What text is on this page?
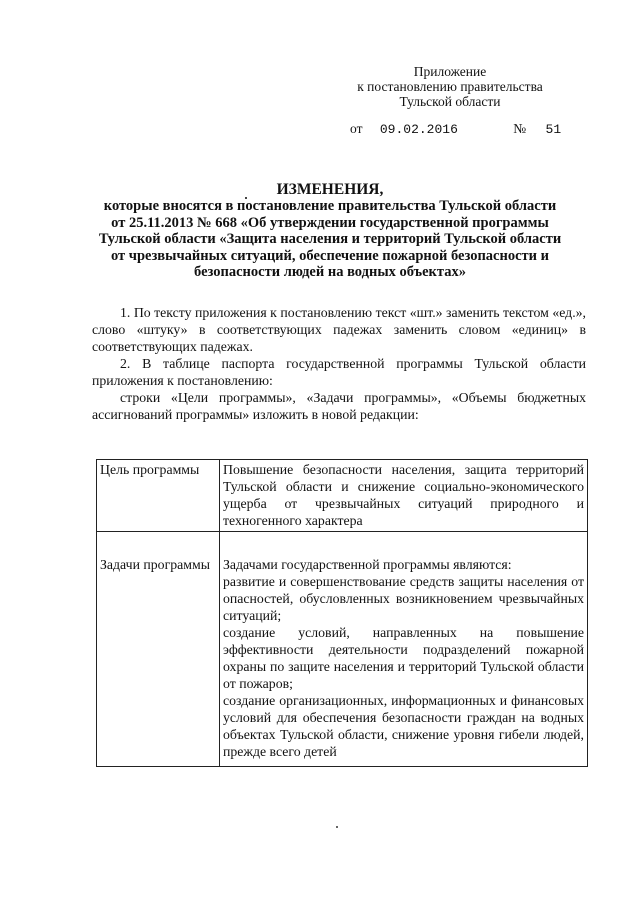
Приложение
к постановлению правительства
Тульской области
от 09.02.2016	№ 51
ИЗМЕНЕНИЯ,
которые вносятся в постановление правительства Тульской области
от 25.11.2013 № 668 «Об утверждении государственной программы
Тульской области «Защита населения и территорий Тульской области
от чрезвычайных ситуаций, обеспечение пожарной безопасности и
безопасности людей на водных объектах»

1. По тексту приложения к постановлению текст «шт.» заменить текстом «ед.», слово «штуку» в соответствующих падежах заменить словом «единиц» в соответствующих падежах.

2. В таблице паспорта государственной программы Тульской области приложения к постановлению:

строки «Цели программы», «Задачи программы», «Объемы бюджетных ассигнований программы» изложить в новой редакции:

Цель программы	Повышение безопасности населения, защита территорий Тульской области и снижение социально-экономического ущерба от чрезвычайных ситуаций природного и техногенного характера
Задачи программы	Задачами государственной программы являются:
развитие и совершенствование средств защиты населения от опасностей, обусловленных возникновением чрезвычайных ситуаций;
создание условий, направленных на повышение эффективности деятельности подразделений пожарной охраны по защите населения и территорий Тульской области от пожаров;
создание организационных, информационных и финансовых условий для обеспечения безопасности граждан на водных объектах Тульской области, снижение уровня гибели людей, прежде всего детей
